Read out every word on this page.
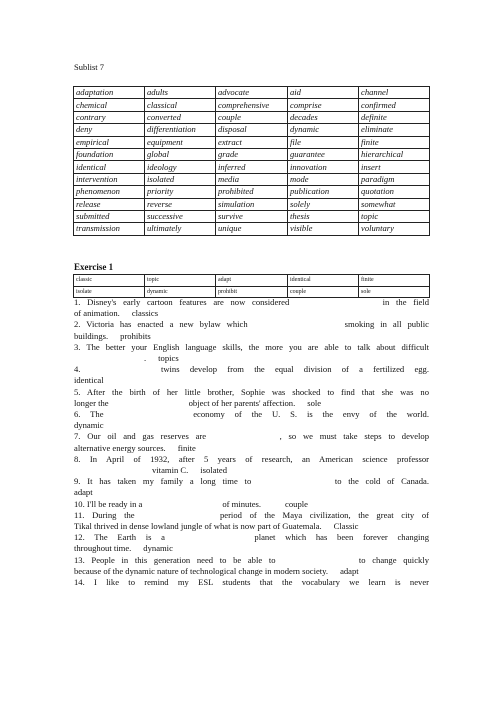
Sublist 7
adaptation	adults	advocate	aid	channel
chemical	classical	comprehensive	comprise	confirmed
contrary	converted	couple	decades	definite
deny	differentiation	disposal	dynamic	eliminate
empirical	equipment	extract	file	finite
foundation	global	grade	guarantee	hierarchical
identical	ideology	inferred	innovation	insert
intervention	isolated	media	mode	paradigm
phenomenon	priority	prohibited	publication	quotation
release	reverse	simulation	solely	somewhat
submitted	successive	survive	thesis	topic
transmission	ultimately	unique	visible	voluntary
Exercise 1
classic	topic	adapt	identical	finite
isolate	dynamic	prohibit	couple	sole

1. Disney's early cartoon features are now considered	in the field
of animation. classics

2. Victoria has enacted a new bylaw which	smoking in all public
buildings. prohibits

3. The better your English language skills, the more you are able to talk about difficult
. topics

4.	twins develop from the equal division of a fertilized egg.
identical

5. After the birth of her little brother, Sophie was shocked to find that she was no
longer the	object of her parents' affection. sole

6. The	economy of the U. S. is the envy of the world.
dynamic

7. Our oil and gas reserves are	, so we must take steps to develop
alternative energy sources. finite

8. In April of 1932, after 5 years of research, an American science professor
vitamin C. isolated

9. It has taken my family a long time to	to the cold of Canada.
adapt

10. I'll be ready in a	of minutes.	couple

11. During the	period of the Maya civilization, the great city of
Tikal thrived in dense lowland jungle of what is now part of Guatemala. Classic

12. The Earth is a	planet which has been forever changing
throughout time. dynamic

13. People in this generation need to be able to	to change quickly
because of the dynamic nature of technological change in modern society. adapt

14. I like to remind my ESL students that the vocabulary we learn is never
